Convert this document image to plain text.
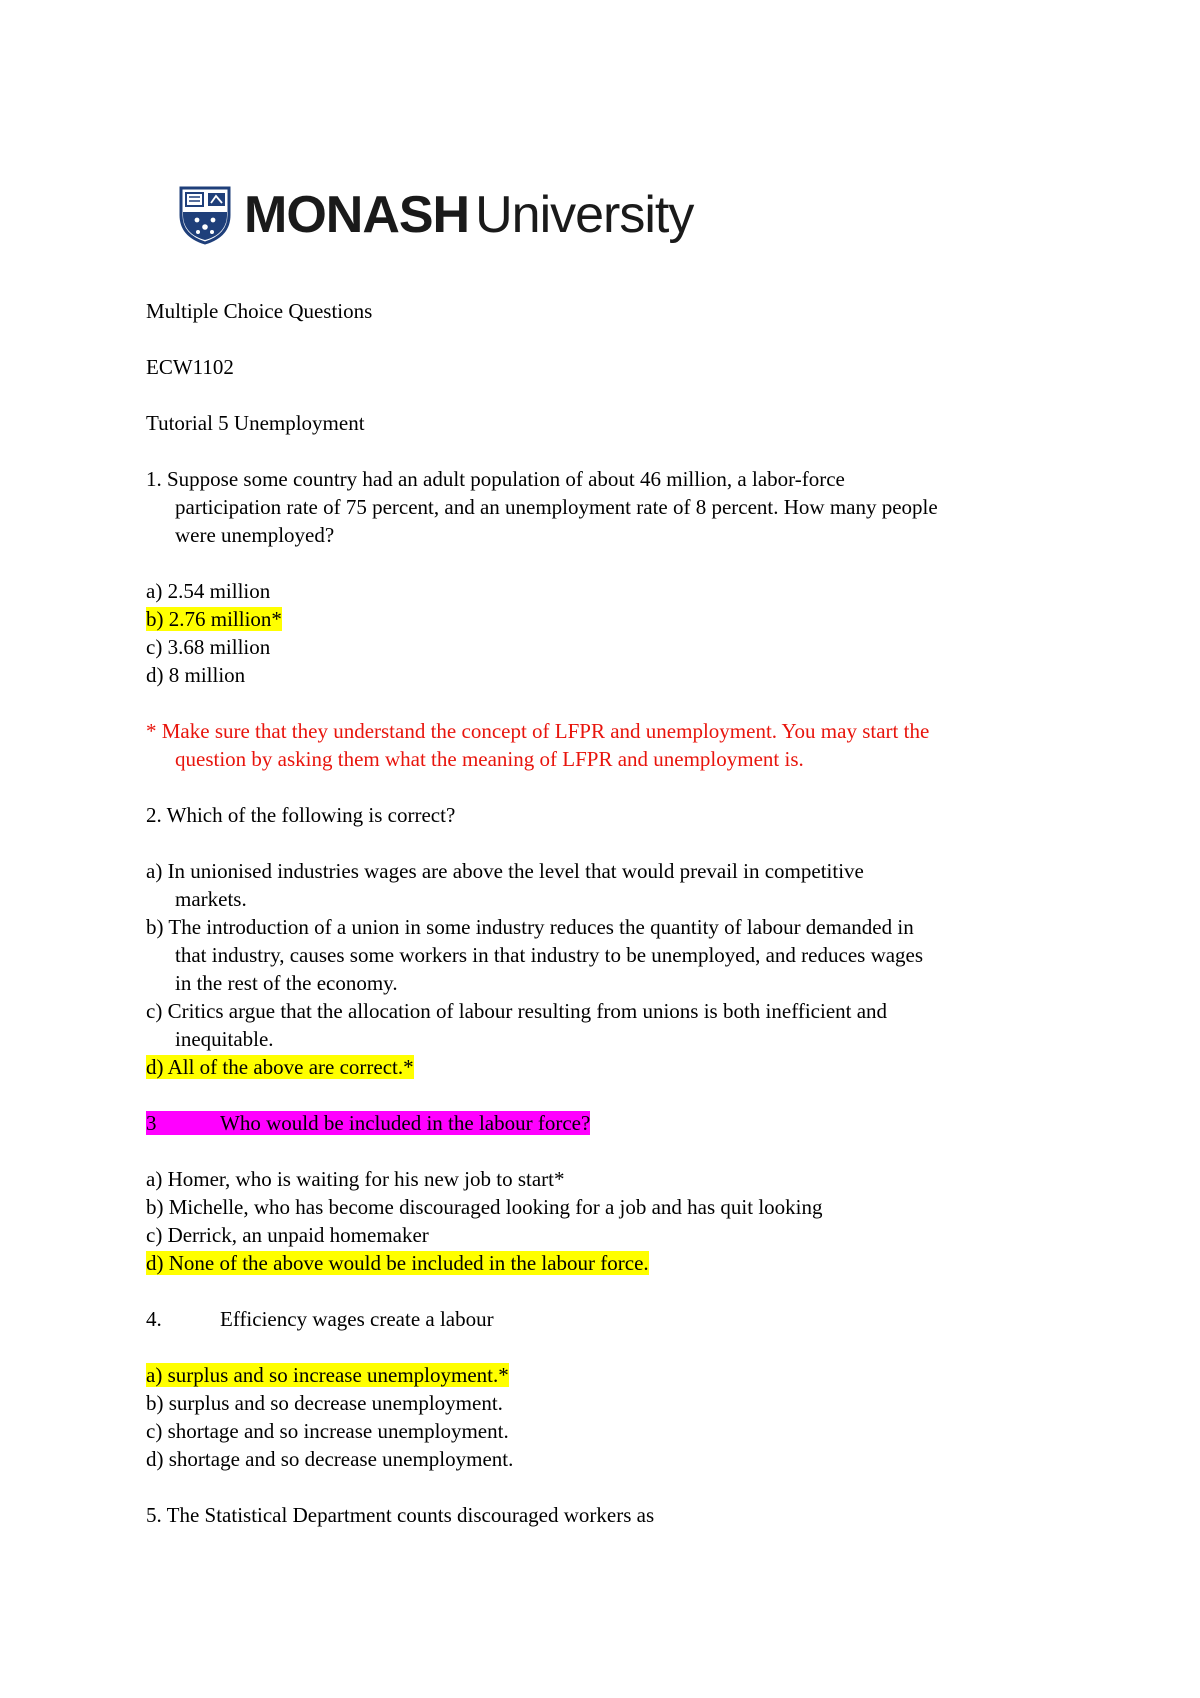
MONASH University
Multiple Choice Questions
ECW1102
Tutorial 5 Unemployment
1. Suppose some country had an adult population of about 46 million, a labor-force
participation rate of 75 percent, and an unemployment rate of 8 percent. How many people
were unemployed?
a) 2.54 million
b) 2.76 million*
c) 3.68 million
d) 8 million
* Make sure that they understand the concept of LFPR and unemployment. You may start the
question by asking them what the meaning of LFPR and unemployment is.
2. Which of the following is correct?
a) In unionised industries wages are above the level that would prevail in competitive
markets.
b) The introduction of a union in some industry reduces the quantity of labour demanded in
that industry, causes some workers in that industry to be unemployed, and reduces wages
in the rest of the economy.
c) Critics argue that the allocation of labour resulting from unions is both inefficient and
inequitable.
d) All of the above are correct.*
3	Who would be included in the labour force?
a) Homer, who is waiting for his new job to start*
b) Michelle, who has become discouraged looking for a job and has quit looking
c) Derrick, an unpaid homemaker
d) None of the above would be included in the labour force.
4.	Efficiency wages create a labour
a) surplus and so increase unemployment.*
b) surplus and so decrease unemployment.
c) shortage and so increase unemployment.
d) shortage and so decrease unemployment.
5. The Statistical Department counts discouraged workers as
